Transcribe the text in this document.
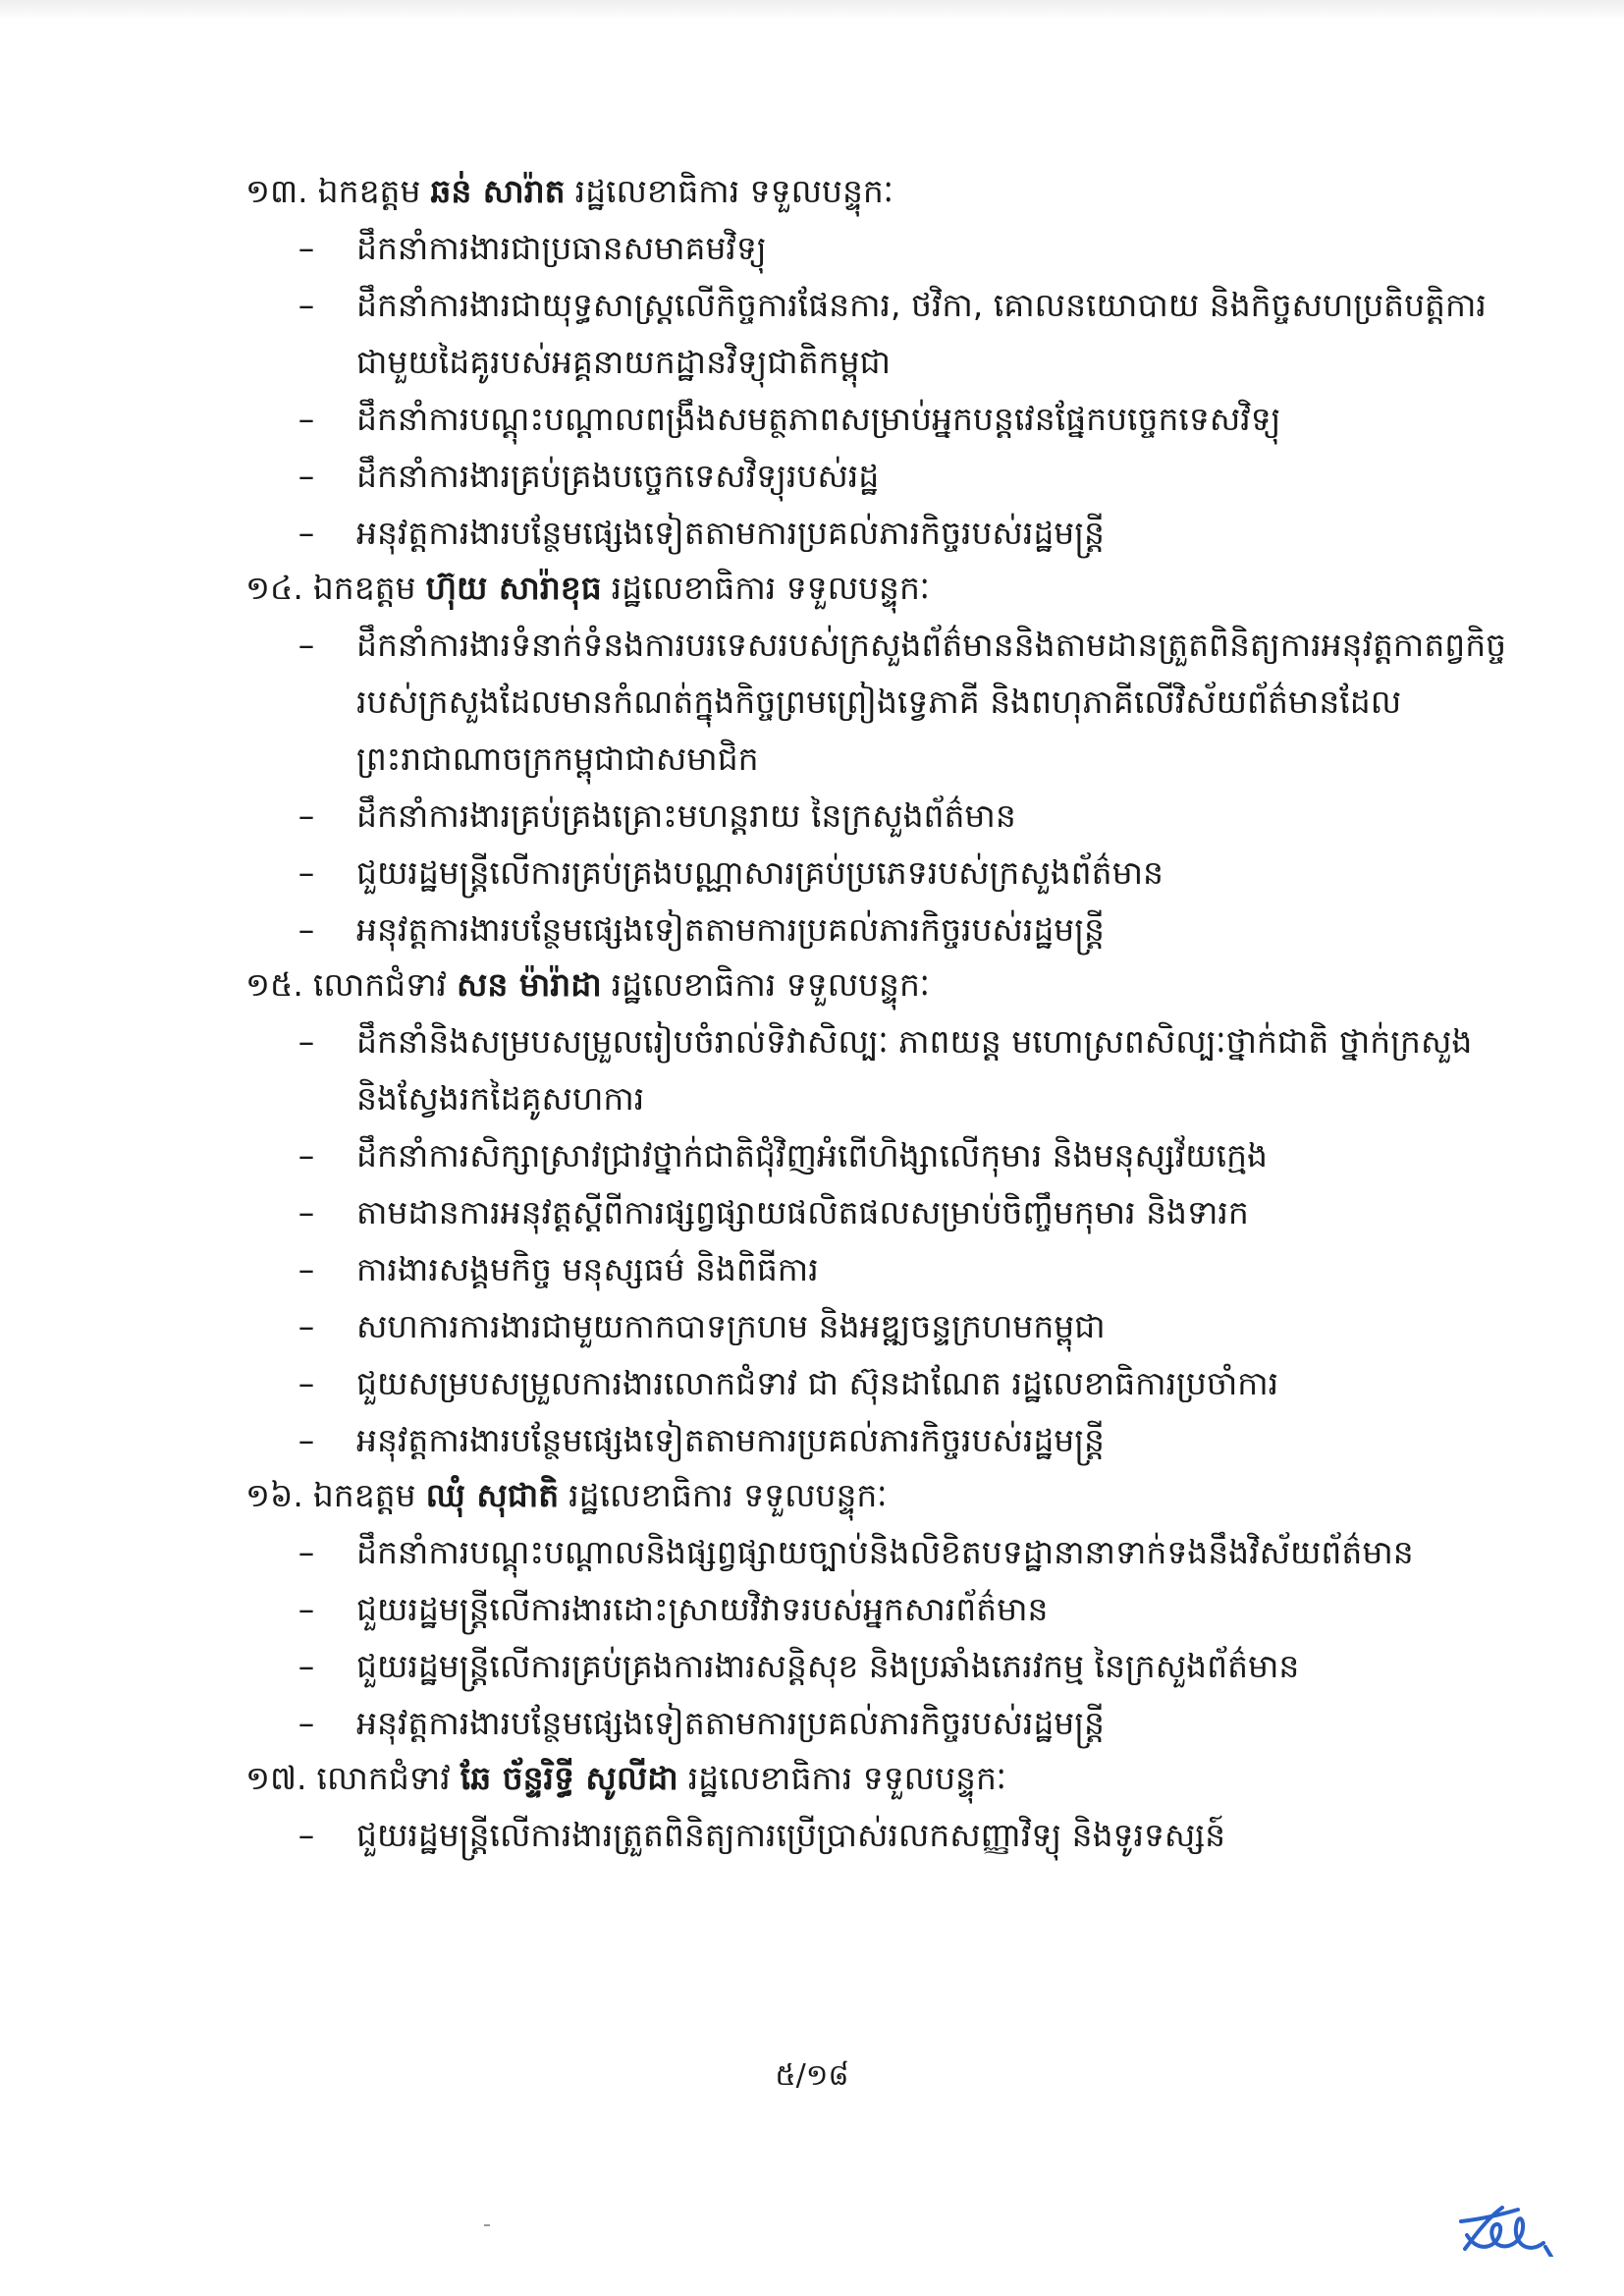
១៣. ឯកឧត្តម ឆន់ សារ៉ាត រដ្ឋលេខាធិការ ទទួលបន្ទុកៈ
– ដឹកនាំការងារជាប្រធានសមាគមវិទ្យុ
– ដឹកនាំការងារជាយុទ្ធសាស្ត្រលើកិច្ចការផែនការ, ថវិកា, គោលនយោបាយ និងកិច្ចសហប្រតិបត្តិការជាមួយដៃគូរបស់អគ្គនាយកដ្ឋានវិទ្យុជាតិកម្ពុជា
– ដឹកនាំការបណ្តុះបណ្តាលពង្រឹងសមត្ថភាពសម្រាប់អ្នកបន្តវេនផ្នែកបច្ចេកទេសវិទ្យុ
– ដឹកនាំការងារគ្រប់គ្រងបច្ចេកទេសវិទ្យុរបស់រដ្ឋ
– អនុវត្តការងារបន្ថែមផ្សេងទៀតតាមការប្រគល់ភារកិច្ចរបស់រដ្ឋមន្ត្រី
១៤. ឯកឧត្តម ហ៊ុយ សារ៉ាខុធ រដ្ឋលេខាធិការ ទទួលបន្ទុកៈ
– ដឹកនាំការងារទំនាក់ទំនងការបរទេសរបស់ក្រសួងព័ត៌មាននិងតាមដានត្រួតពិនិត្យការអនុវត្តកាតព្វកិច្ចរបស់ក្រសួងដែលមានកំណត់ក្នុងកិច្ចព្រមព្រៀងទ្វេភាគី និងពហុភាគីលើវិស័យព័ត៌មានដែលព្រះរាជាណាចក្រកម្ពុជាជាសមាជិក
– ដឹកនាំការងារគ្រប់គ្រងគ្រោះមហន្តរាយ នៃក្រសួងព័ត៌មាន
– ជួយរដ្ឋមន្ត្រីលើការគ្រប់គ្រងបណ្ណាសារគ្រប់ប្រភេទរបស់ក្រសួងព័ត៌មាន
– អនុវត្តការងារបន្ថែមផ្សេងទៀតតាមការប្រគល់ភារកិច្ចរបស់រដ្ឋមន្ត្រី
១៥. លោកជំទាវ សន ម៉ារ៉ាដា រដ្ឋលេខាធិការ ទទួលបន្ទុកៈ
– ដឹកនាំនិងសម្របសម្រួលរៀបចំរាល់ទិវាសិល្បៈ ភាពយន្ត មហោស្រពសិល្បៈថ្នាក់ជាតិ ថ្នាក់ក្រសួង និងស្វែងរកដៃគូសហការ
– ដឹកនាំការសិក្សាស្រាវជ្រាវថ្នាក់ជាតិជុំវិញអំពើហិង្សាលើកុមារ និងមនុស្សវ័យក្មេង
– តាមដានការអនុវត្តស្តីពីការផ្សព្វផ្សាយផលិតផលសម្រាប់ចិញ្ចឹមកុមារ និងទារក
– ការងារសង្គមកិច្ច មនុស្សធម៌ និងពិធីការ
– សហការការងារជាមួយកាកបាទក្រហម និងអឌ្ឍចន្ទក្រហមកម្ពុជា
– ជួយសម្របសម្រួលការងារលោកជំទាវ ជា ស៊ុនដាណែត រដ្ឋលេខាធិការប្រចាំការ
– អនុវត្តការងារបន្ថែមផ្សេងទៀតតាមការប្រគល់ភារកិច្ចរបស់រដ្ឋមន្ត្រី
១៦. ឯកឧត្តម ឈុំ សុជាតិ រដ្ឋលេខាធិការ ទទួលបន្ទុកៈ
– ដឹកនាំការបណ្តុះបណ្តាលនិងផ្សព្វផ្សាយច្បាប់និងលិខិតបទដ្ឋានានាទាក់ទងនឹងវិស័យព័ត៌មាន
– ជួយរដ្ឋមន្ត្រីលើការងារដោះស្រាយវិវាទរបស់អ្នកសារព័ត៌មាន
– ជួយរដ្ឋមន្ត្រីលើការគ្រប់គ្រងការងារសន្តិសុខ និងប្រឆាំងភេរវកម្ម នៃក្រសួងព័ត៌មាន
– អនុវត្តការងារបន្ថែមផ្សេងទៀតតាមការប្រគល់ភារកិច្ចរបស់រដ្ឋមន្ត្រី
១៧. លោកជំទាវ ឆែ ច័ន្ទរិទ្ធី សូលីដា រដ្ឋលេខាធិការ ទទួលបន្ទុកៈ
– ជួយរដ្ឋមន្ត្រីលើការងារត្រួតពិនិត្យការប្រើប្រាស់រលកសញ្ញាវិទ្យុ និងទូរទស្សន៍
៥/១៨
